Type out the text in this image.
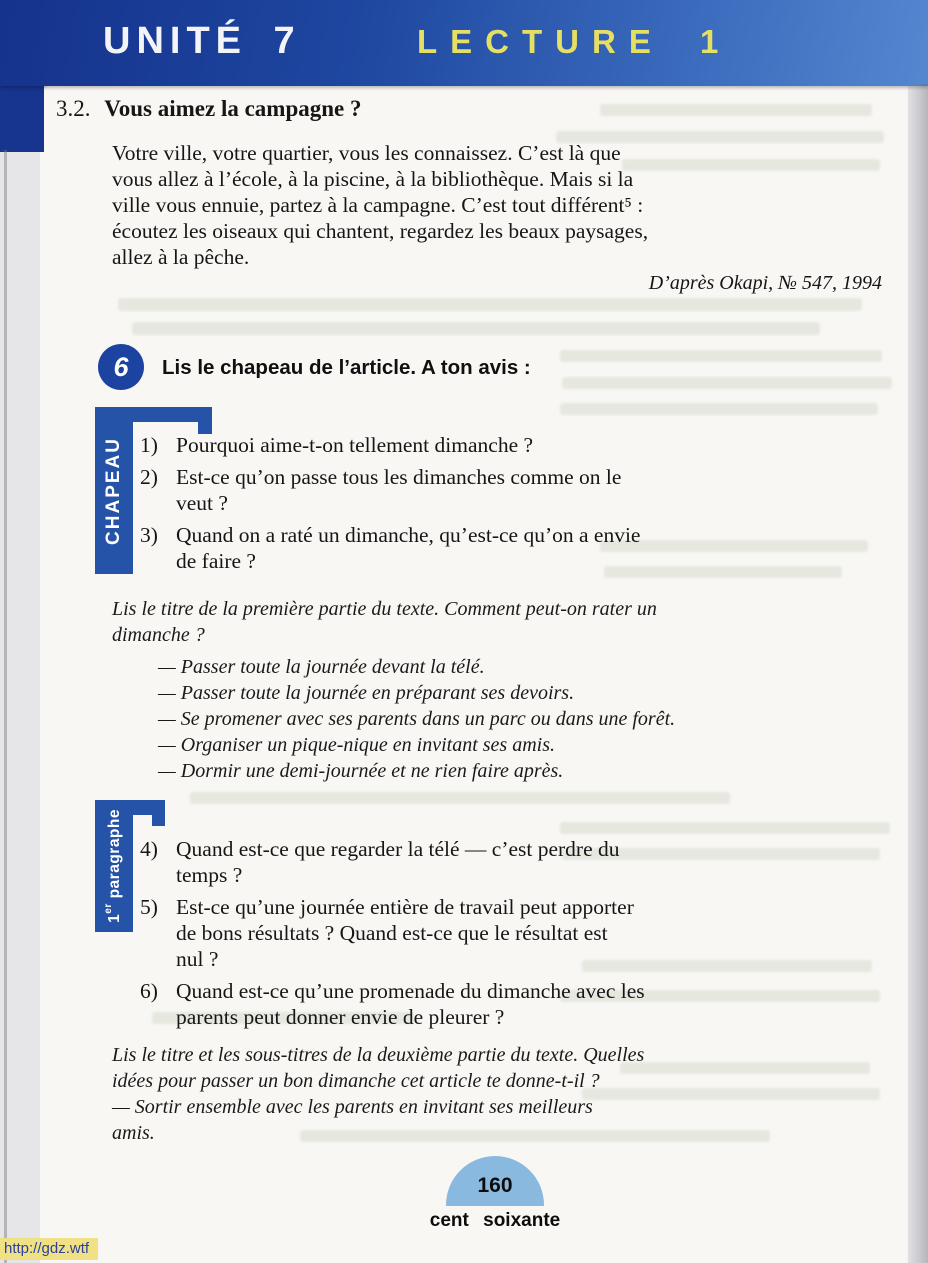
UNITÉ 7	LECTURE 1
3.2. Vous aimez la campagne ?
Votre ville, votre quartier, vous les connaissez. C’est là que
vous allez à l’école, à la piscine, à la bibliothèque. Mais si la
ville vous ennuie, partez à la campagne. C’est tout différent⁵ :
écoutez les oiseaux qui chantent, regardez les beaux paysages,
allez à la pêche.
D’après Okapi, № 547, 1994
6 Lis le chapeau de l’article. A ton avis :
CHAPEAU 1) Pourquoi aime-t-on tellement dimanche ?
2) Est-ce qu’on passe tous les dimanches comme on le
veut ?
3) Quand on a raté un dimanche, qu’est-ce qu’on a envie
de faire ?
Lis le titre de la première partie du texte. Comment peut-on rater un
dimanche ?
— Passer toute la journée devant la télé.
— Passer toute la journée en préparant ses devoirs.
— Se promener avec ses parents dans un parc ou dans une forêt.
— Organiser un pique-nique en invitant ses amis.
— Dormir une demi-journée et ne rien faire après.
1er paragraphe 4) Quand est-ce que regarder la télé — c’est perdre du
temps ?
5) Est-ce qu’une journée entière de travail peut apporter
de bons résultats ? Quand est-ce que le résultat est
nul ?
6) Quand est-ce qu’une promenade du dimanche avec les
parents peut donner envie de pleurer ?
Lis le titre et les sous-titres de la deuxième partie du texte. Quelles
idées pour passer un bon dimanche cet article te donne-t-il ?
— Sortir ensemble avec les parents en invitant ses meilleurs
amis.
160
cent soixante
http://gdz.wtf
